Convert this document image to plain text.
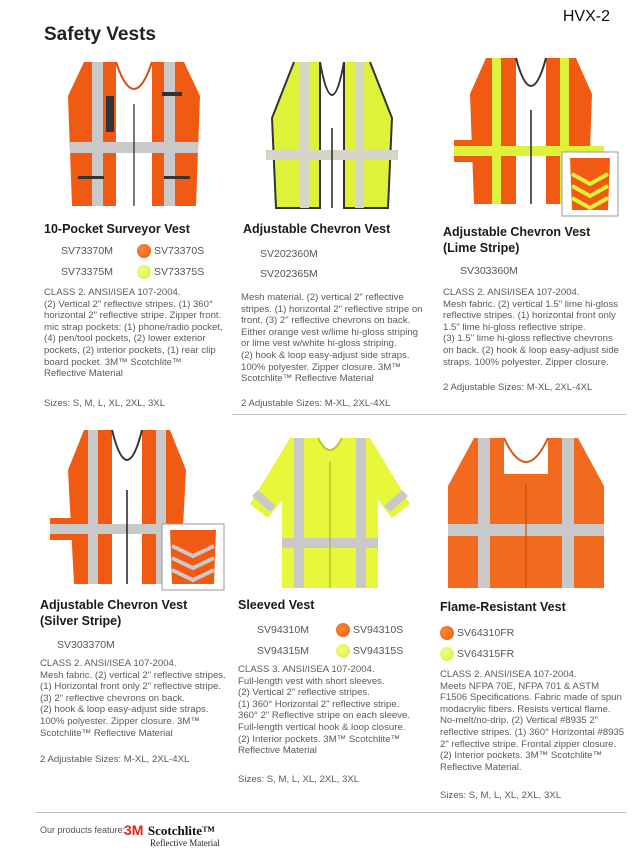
HVX-2
Safety Vests
10-Pocket Surveyor Vest
SV73370M	SV73370S
SV73375M	SV73375S
CLASS 2. ANSI/ISEA 107-2004.
(2) Vertical 2" reflective stripes. (1) 360°
horizontal 2" reflective stripe. Zipper front.
mic strap pockets: (1) phone/radio pocket,
(4) pen/tool pockets, (2) lower exterior
pockets, (2) interior pockets, (1) rear clip
board pocket. 3M™ Scotchlite™
Reflective Material
Sizes: S, M, L, XL, 2XL, 3XL
Adjustable Chevron Vest
SV202360M
SV202365M
Mesh material. (2) vertical 2" reflective
stripes. (1) horizontal 2" reflective stripe on
front. (3) 2" reflective chevrons on back.
Either orange vest w/lime hi-gloss striping
or lime vest w/white hi-gloss striping.
(2) hook & loop easy-adjust side straps.
100% polyester. Zipper closure. 3M™
Scotchlite™ Reflective Material
2 Adjustable Sizes: M-XL, 2XL-4XL
Adjustable Chevron Vest
(Lime Stripe)
SV303360M
CLASS 2. ANSI/ISEA 107-2004.
Mesh fabric. (2) vertical 1.5" lime hi-gloss
reflective stripes. (1) horizontal front only
1.5" lime hi-gloss reflective stripe.
(3) 1.5" lime hi-gloss reflective chevrons
on back. (2) hook & loop easy-adjust side
straps. 100% polyester. Zipper closure.
2 Adjustable Sizes: M-XL, 2XL-4XL
Adjustable Chevron Vest
(Silver Stripe)
SV303370M
CLASS 2. ANSI/ISEA 107-2004.
Mesh fabric. (2) vertical 2" reflective stripes.
(1) Horizontal front only 2" reflective stripe.
(3) 2" reflective chevrons on back.
(2) hook & loop easy-adjust side straps.
100% polyester. Zipper closure. 3M™
Scotchlite™ Reflective Material
2 Adjustable Sizes: M-XL, 2XL-4XL
Sleeved Vest
SV94310M	SV94310S
SV94315M	SV94315S
CLASS 3. ANSI/ISEA 107-2004.
Full-length vest with short sleeves.
(2) Vertical 2" reflective stripes.
(1) 360° Horizontal 2" reflective stripe.
360° 2" Reflective stripe on each sleeve.
Full-length vertical hook & loop closure.
(2) Interior pockets. 3M™ Scotchlite™
Reflective Material
Sizes: S, M, L, XL, 2XL, 3XL
Flame-Resistant Vest
SV64310FR
SV64315FR
CLASS 2. ANSI/ISEA 107-2004.
Meets NFPA 70E, NFPA 701 & ASTM
F1506 Specifications. Fabric made of spun
modacrylic fibers. Resists vertical flame.
No-melt/no-drip. (2) Vertical #8935 2"
reflective stripes. (1) 360° Horizontal #8935
2" reflective stripe. Frontal zipper closure.
(2) Interior pockets. 3M™ Scotchlite™
Reflective Material.
Sizes: S, M, L, XL, 2XL, 3XL
Our products feature:
3M Scotchlite™
Reflective Material
